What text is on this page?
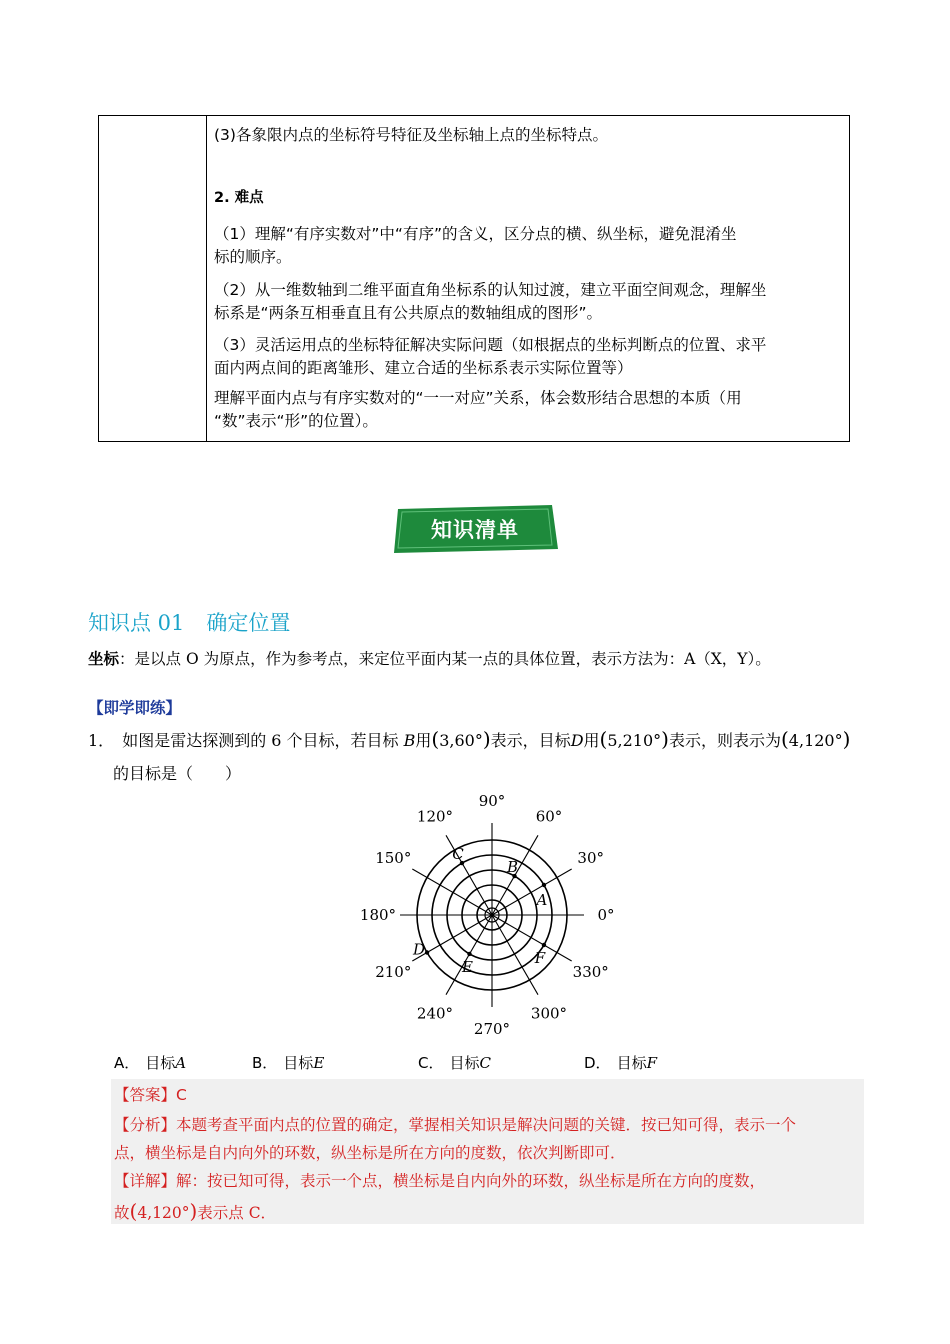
(3)各象限内点的坐标符号特征及坐标轴上点的坐标特点。
2. 难点
（1）理解“有序实数对”中“有序”的含义，区分点的横、纵坐标，避免混淆坐
标的顺序。
（2）从一维数轴到二维平面直角坐标系的认知过渡，建立平面空间观念，理解坐
标系是“两条互相垂直且有公共原点的数轴组成的图形”。
（3）灵活运用点的坐标特征解决实际问题（如根据点的坐标判断点的位置、求平
面内两点间的距离雏形、建立合适的坐标系表示实际位置等）
理解平面内点与有序实数对的“一一对应”关系，体会数形结合思想的本质（用
“数”表示“形”的位置）。
知识清单
知识点 01 确定位置
坐标：是以点 O 为原点，作为参考点，来定位平面内某一点的具体位置，表示方法为：A（X，Y）。
【即学即练】
1． 如图是雷达探测到的 6 个目标，若目标 B用(3,60°)表示，目标D用(5,210°)表示，则表示为(4,120°)
的目标是（　　）
0°
30°
60°
90°
120°
150°
180°
210°
240°
270°
300°
330°
A
B
C
D
E	F
A． 目标A	B． 目标E	C． 目标C	D． 目标F
【答案】C
【分析】本题考查平面内点的位置的确定，掌握相关知识是解决问题的关键．按已知可得，表示一个
点，横坐标是自内向外的环数，纵坐标是所在方向的度数，依次判断即可．
【详解】解：按已知可得，表示一个点，横坐标是自内向外的环数，纵坐标是所在方向的度数，
故(4,120°)表示点 C．
